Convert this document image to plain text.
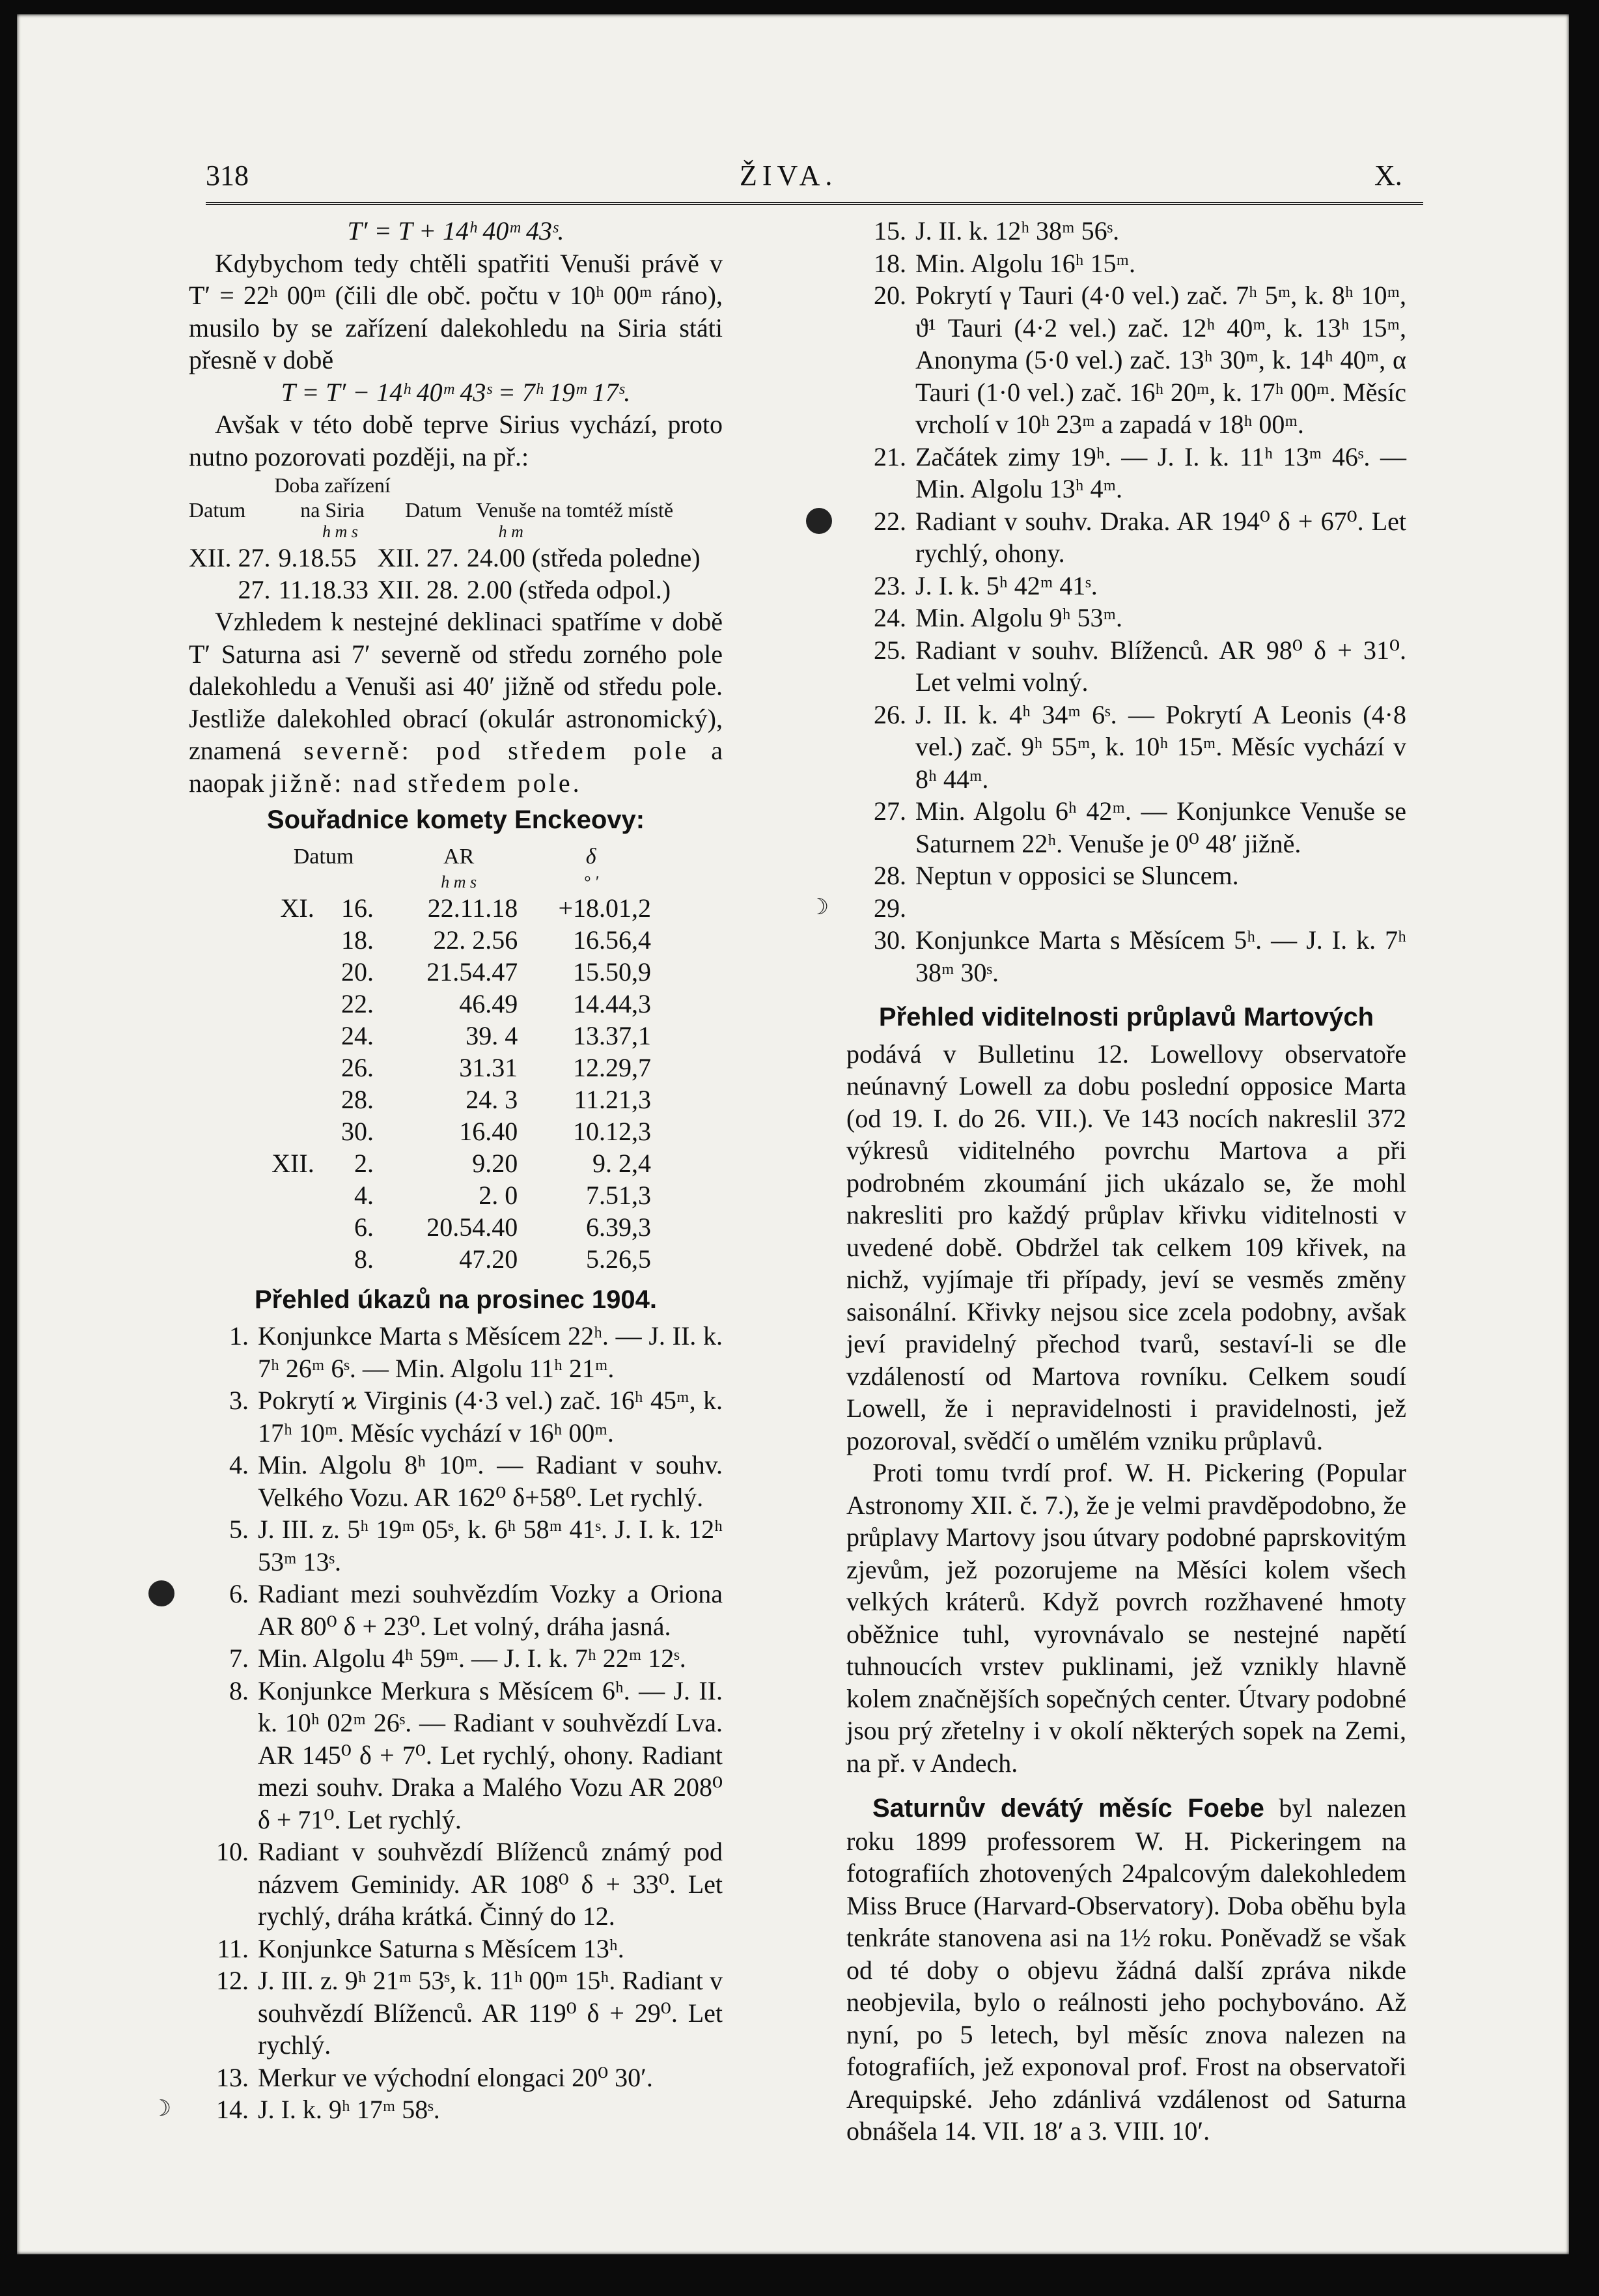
318	ŽIVA.	X.

T′ = T + 14ʰ 40ᵐ 43ˢ.

Kdybychom tedy chtěli spatřiti Venuši právě v T′ = 22ʰ 00ᵐ (čili dle obč. počtu v 10ʰ 00ᵐ ráno), musilo by se zařízení dalekohledu na Siria státi přesně v době

T = T′ − 14ʰ 40ᵐ 43ˢ = 7ʰ 19ᵐ 17ˢ.

Avšak v této době teprve Sirius vychází, proto nutno pozorovati později, na př.:

	Doba zařízení		
Datum	na Siria	Datum	Venuše na tomtéž místě
	h m s		h m
XII. 27.	9.18.55	XII. 27.	24.00 (středa poledne)
27.	11.18.33	XII. 28.	2.00 (středa odpol.)

Vzhledem k nestejné deklinaci spatříme v době T′ Saturna asi 7′ severně od středu zorného pole dalekohledu a Venuši asi 40′ jižně od středu pole. Jestliže dalekohled obrací (okulár astronomický), znamená severně: pod středem pole a naopak jižně: nad středem pole.

Souřadnice komety Enckeovy:
Datum		AR	δ
		h m s	° ′
XI.	16.	22.11.18	+18.01,2
	18.	22. 2.56	16.56,4
	20.	21.54.47	15.50,9
	22.	46.49	14.44,3
	24.	39. 4	13.37,1
	26.	31.31	12.29,7
	28.	24. 3	11.21,3
	30.	16.40	10.12,3
XII.	2.	9.20	9. 2,4
	4.	2. 0	7.51,3
	6.	20.54.40	6.39,3
	8.	47.20	5.26,5
Přehled úkazů na prosinec 1904.
1. Konjunkce Marta s Měsícem 22ʰ. — J. II. k. 7ʰ 26ᵐ 6ˢ. — Min. Algolu 11ʰ 21ᵐ.
3. Pokrytí ϰ Virginis (4·3 vel.) zač. 16ʰ 45ᵐ, k. 17ʰ 10ᵐ. Měsíc vychází v 16ʰ 00ᵐ.
4. Min. Algolu 8ʰ 10ᵐ. — Radiant v souhv. Velkého Vozu. AR 162⁰ δ+58⁰. Let rychlý.
5. J. III. z. 5ʰ 19ᵐ 05ˢ, k. 6ʰ 58ᵐ 41ˢ. J. I. k. 12ʰ 53ᵐ 13ˢ.
6. Radiant mezi souhvězdím Vozky a Oriona AR 80⁰ δ + 23⁰. Let volný, dráha jasná.
7. Min. Algolu 4ʰ 59ᵐ. — J. I. k. 7ʰ 22ᵐ 12ˢ.
8. Konjunkce Merkura s Měsícem 6ʰ. — J. II. k. 10ʰ 02ᵐ 26ˢ. — Radiant v souhvězdí Lva. AR 145⁰ δ + 7⁰. Let rychlý, ohony. Radiant mezi souhv. Draka a Malého Vozu AR 208⁰ δ + 71⁰. Let rychlý.
10. Radiant v souhvězdí Blíženců známý pod názvem Geminidy. AR 108⁰ δ + 33⁰. Let rychlý, dráha krátká. Činný do 12.
11. Konjunkce Saturna s Měsícem 13ʰ.
12. J. III. z. 9ʰ 21ᵐ 53ˢ, k. 11ʰ 00ᵐ 15ʰ. Radiant v souhvězdí Blíženců. AR 119⁰ δ + 29⁰. Let rychlý.
13. Merkur ve východní elongaci 20⁰ 30′.
☽	14. J. I. k. 9ʰ 17ᵐ 58ˢ.
15. J. II. k. 12ʰ 38ᵐ 56ˢ.
18. Min. Algolu 16ʰ 15ᵐ.
20. Pokrytí γ Tauri (4·0 vel.) zač. 7ʰ 5ᵐ, k. 8ʰ 10ᵐ, ϑ¹ Tauri (4·2 vel.) zač. 12ʰ 40ᵐ, k. 13ʰ 15ᵐ, Anonyma (5·0 vel.) zač. 13ʰ 30ᵐ, k. 14ʰ 40ᵐ, α Tauri (1·0 vel.) zač. 16ʰ 20ᵐ, k. 17ʰ 00ᵐ. Měsíc vrcholí v 10ʰ 23ᵐ a zapadá v 18ʰ 00ᵐ.
21. Začátek zimy 19ʰ. — J. I. k. 11ʰ 13ᵐ 46ˢ. — Min. Algolu 13ʰ 4ᵐ.
22. Radiant v souhv. Draka. AR 194⁰ δ + 67⁰. Let rychlý, ohony.
23. J. I. k. 5ʰ 42ᵐ 41ˢ.
24. Min. Algolu 9ʰ 53ᵐ.
25. Radiant v souhv. Blíženců. AR 98⁰ δ + 31⁰. Let velmi volný.
26. J. II. k. 4ʰ 34ᵐ 6ˢ. — Pokrytí A Leonis (4·8 vel.) zač. 9ʰ 55ᵐ, k. 10ʰ 15ᵐ. Měsíc vychází v 8ʰ 44ᵐ.
27. Min. Algolu 6ʰ 42ᵐ. — Konjunkce Venuše se Saturnem 22ʰ. Venuše je 0⁰ 48′ jižně.
28. Neptun v opposici se Sluncem.
☽	29.
30. Konjunkce Marta s Měsícem 5ʰ. — J. I. k. 7ʰ 38ᵐ 30ˢ.
Přehled viditelnosti průplavů Martových

podává v Bulletinu 12. Lowellovy observatoře neúnavný Lowell za dobu poslední opposice Marta (od 19. I. do 26. VII.). Ve 143 nocích nakreslil 372 výkresů viditelného povrchu Martova a při podrobném zkoumání jich ukázalo se, že mohl nakresliti pro každý průplav křivku viditelnosti v uvedené době. Obdržel tak celkem 109 křivek, na nichž, vyjímaje tři případy, jeví se vesměs změny saisonální. Křivky nejsou sice zcela podobny, avšak jeví pravidelný přechod tvarů, sestaví-li se dle vzdáleností od Martova rovníku. Celkem soudí Lowell, že i nepravidelnosti i pravidelnosti, jež pozoroval, svědčí o umělém vzniku průplavů.

Proti tomu tvrdí prof. W. H. Pickering (Popular Astronomy XII. č. 7.), že je velmi pravděpodobno, že průplavy Martovy jsou útvary podobné paprskovitým zjevům, jež pozorujeme na Měsíci kolem všech velkých kráterů. Když povrch rozžhavené hmoty oběžnice tuhl, vyrovnávalo se nestejné napětí tuhnoucích vrstev puklinami, jež vznikly hlavně kolem značnějších sopečných center. Útvary podobné jsou prý zřetelny i v okolí některých sopek na Zemi, na př. v Andech.

Saturnův devátý měsíc Foebe byl nalezen roku 1899 professorem W. H. Pickeringem na fotografiích zhotovených 24palcovým dalekohledem Miss Bruce (Harvard-Observatory). Doba oběhu byla tenkráte stanovena asi na 1½ roku. Poněvadž se však od té doby o objevu žádná další zpráva nikde neobjevila, bylo o reálnosti jeho pochybováno. Až nyní, po 5 letech, byl měsíc znova nalezen na fotografiích, jež exponoval prof. Frost na observatoři Arequipské. Jeho zdánlivá vzdálenost od Saturna obnášela 14. VII. 18′ a 3. VIII. 10′.
